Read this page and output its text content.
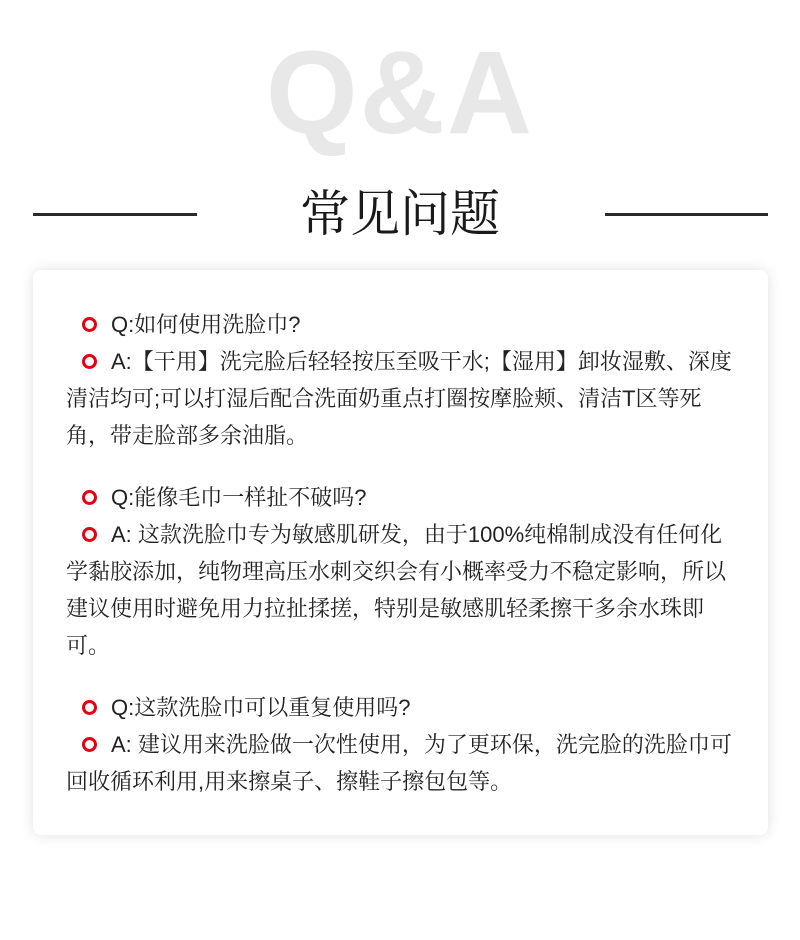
Q&A
常见问题
Q:如何使用洗脸巾?
A:【干用】洗完脸后轻轻按压至吸干水;【湿用】卸妆湿敷、深度清洁均可;可以打湿后配合洗面奶重点打圈按摩脸颊、清洁T区等死角，带走脸部多余油脂。
Q:能像毛巾一样扯不破吗?
A: 这款洗脸巾专为敏感肌研发，由于100%纯棉制成没有任何化学黏胶添加，纯物理高压水刺交织会有小概率受力不稳定影响，所以建议使用时避免用力拉扯揉搓，特别是敏感肌轻柔擦干多余水珠即可。
Q:这款洗脸巾可以重复使用吗?
A: 建议用来洗脸做一次性使用，为了更环保，洗完脸的洗脸巾可回收循环利用,用来擦桌子、擦鞋子擦包包等。
